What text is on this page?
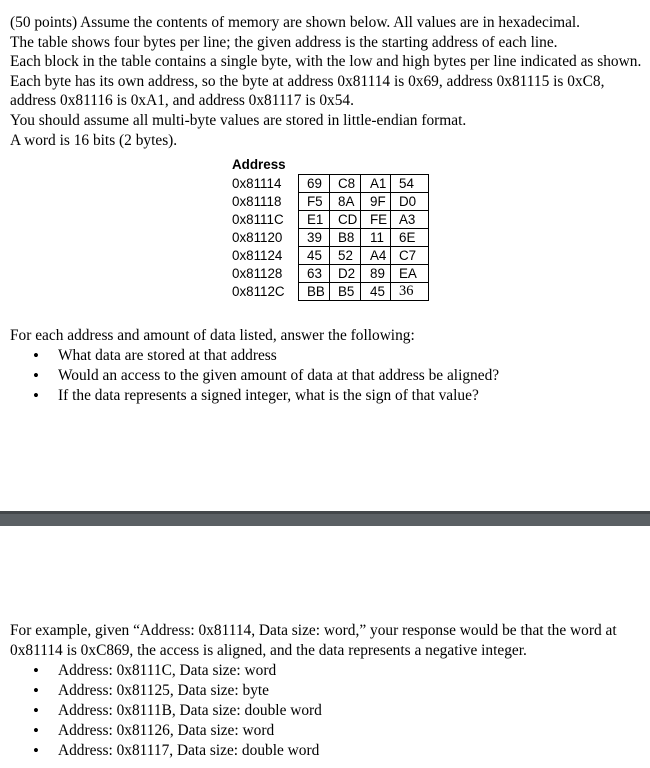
(50 points) Assume the contents of memory are shown below. All values are in hexadecimal.

The table shows four bytes per line; the given address is the starting address of each line.

Each block in the table contains a single byte, with the low and high bytes per line indicated as shown. Each byte has its own address, so the byte at address 0x81114 is 0x69, address 0x81115 is 0xC8, address 0x81116 is 0xA1, and address 0x81117 is 0x54.

You should assume all multi-byte values are stored in little-endian format.

A word is 16 bits (2 bytes).

Address
0x81114	69	C8	A1	54
0x81118	F5	8A	9F	D0
0x8111C	E1	CD	FE	A3
0x81120	39	B8	11	6E
0x81124	45	52	A4	C7
0x81128	63	D2	89	EA
0x8112C	BB	B5	45	36

For each address and amount of data listed, answer the following:

• What data are stored at that address
• Would an access to the given amount of data at that address be aligned?
• If the data represents a signed integer, what is the sign of that value?

For example, given “Address: 0x81114, Data size: word,” your response would be that the word at 0x81114 is 0xC869, the access is aligned, and the data represents a negative integer.

• Address: 0x8111C, Data size: word
• Address: 0x81125, Data size: byte
• Address: 0x8111B, Data size: double word
• Address: 0x81126, Data size: word
• Address: 0x81117, Data size: double word
